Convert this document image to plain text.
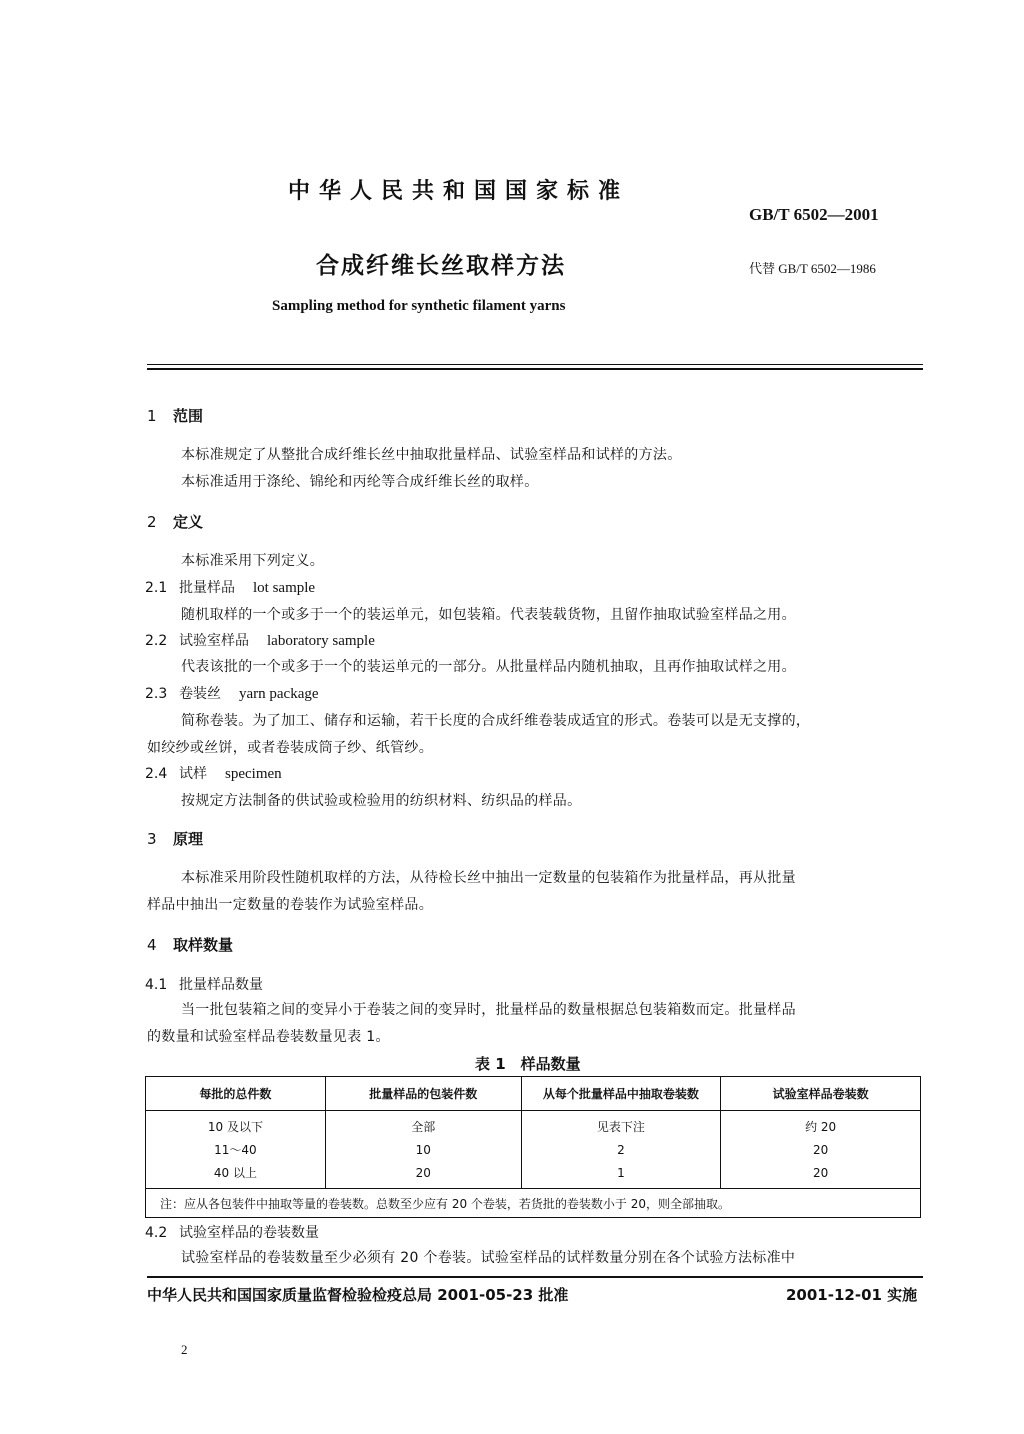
中华人民共和国国家标准
GB/T 6502—2001
合成纤维长丝取样方法	代替 GB/T 6502—1986
Sampling method for synthetic filament yarns
1 范围
本标准规定了从整批合成纤维长丝中抽取批量样品、试验室样品和试样的方法。
本标准适用于涤纶、锦纶和丙纶等合成纤维长丝的取样。
2 定义
本标准采用下列定义。
2.1 批量样品 lot sample
随机取样的一个或多于一个的装运单元，如包装箱。代表装载货物，且留作抽取试验室样品之用。
2.2 试验室样品 laboratory sample
代表该批的一个或多于一个的装运单元的一部分。从批量样品内随机抽取，且再作抽取试样之用。
2.3 卷装丝 yarn package
简称卷装。为了加工、储存和运输，若干长度的合成纤维卷装成适宜的形式。卷装可以是无支撑的，
如绞纱或丝饼，或者卷装成筒子纱、纸管纱。
2.4 试样 specimen
按规定方法制备的供试验或检验用的纺织材料、纺织品的样品。
3 原理
本标准采用阶段性随机取样的方法，从待检长丝中抽出一定数量的包装箱作为批量样品，再从批量
样品中抽出一定数量的卷装作为试验室样品。
4 取样数量
4.1 批量样品数量
当一批包装箱之间的变异小于卷装之间的变异时，批量样品的数量根据总包装箱数而定。批量样品
的数量和试验室样品卷装数量见表 1。
表 1　样品数量
每批的总件数	批量样品的包装件数	从每个批量样品中抽取卷装数	试验室样品卷装数
10 及以下	全部	见表下注	约 20
11～40	10	2	20
40 以上	20	1	20
注：应从各包装件中抽取等量的卷装数。总数至少应有 20 个卷装，若货批的卷装数小于 20，则全部抽取。			
4.2 试验室样品的卷装数量
试验室样品的卷装数量至少必须有 20 个卷装。试验室样品的试样数量分别在各个试验方法标准中
中华人民共和国国家质量监督检验检疫总局 2001-05-23 批准	2001-12-01 实施
2
